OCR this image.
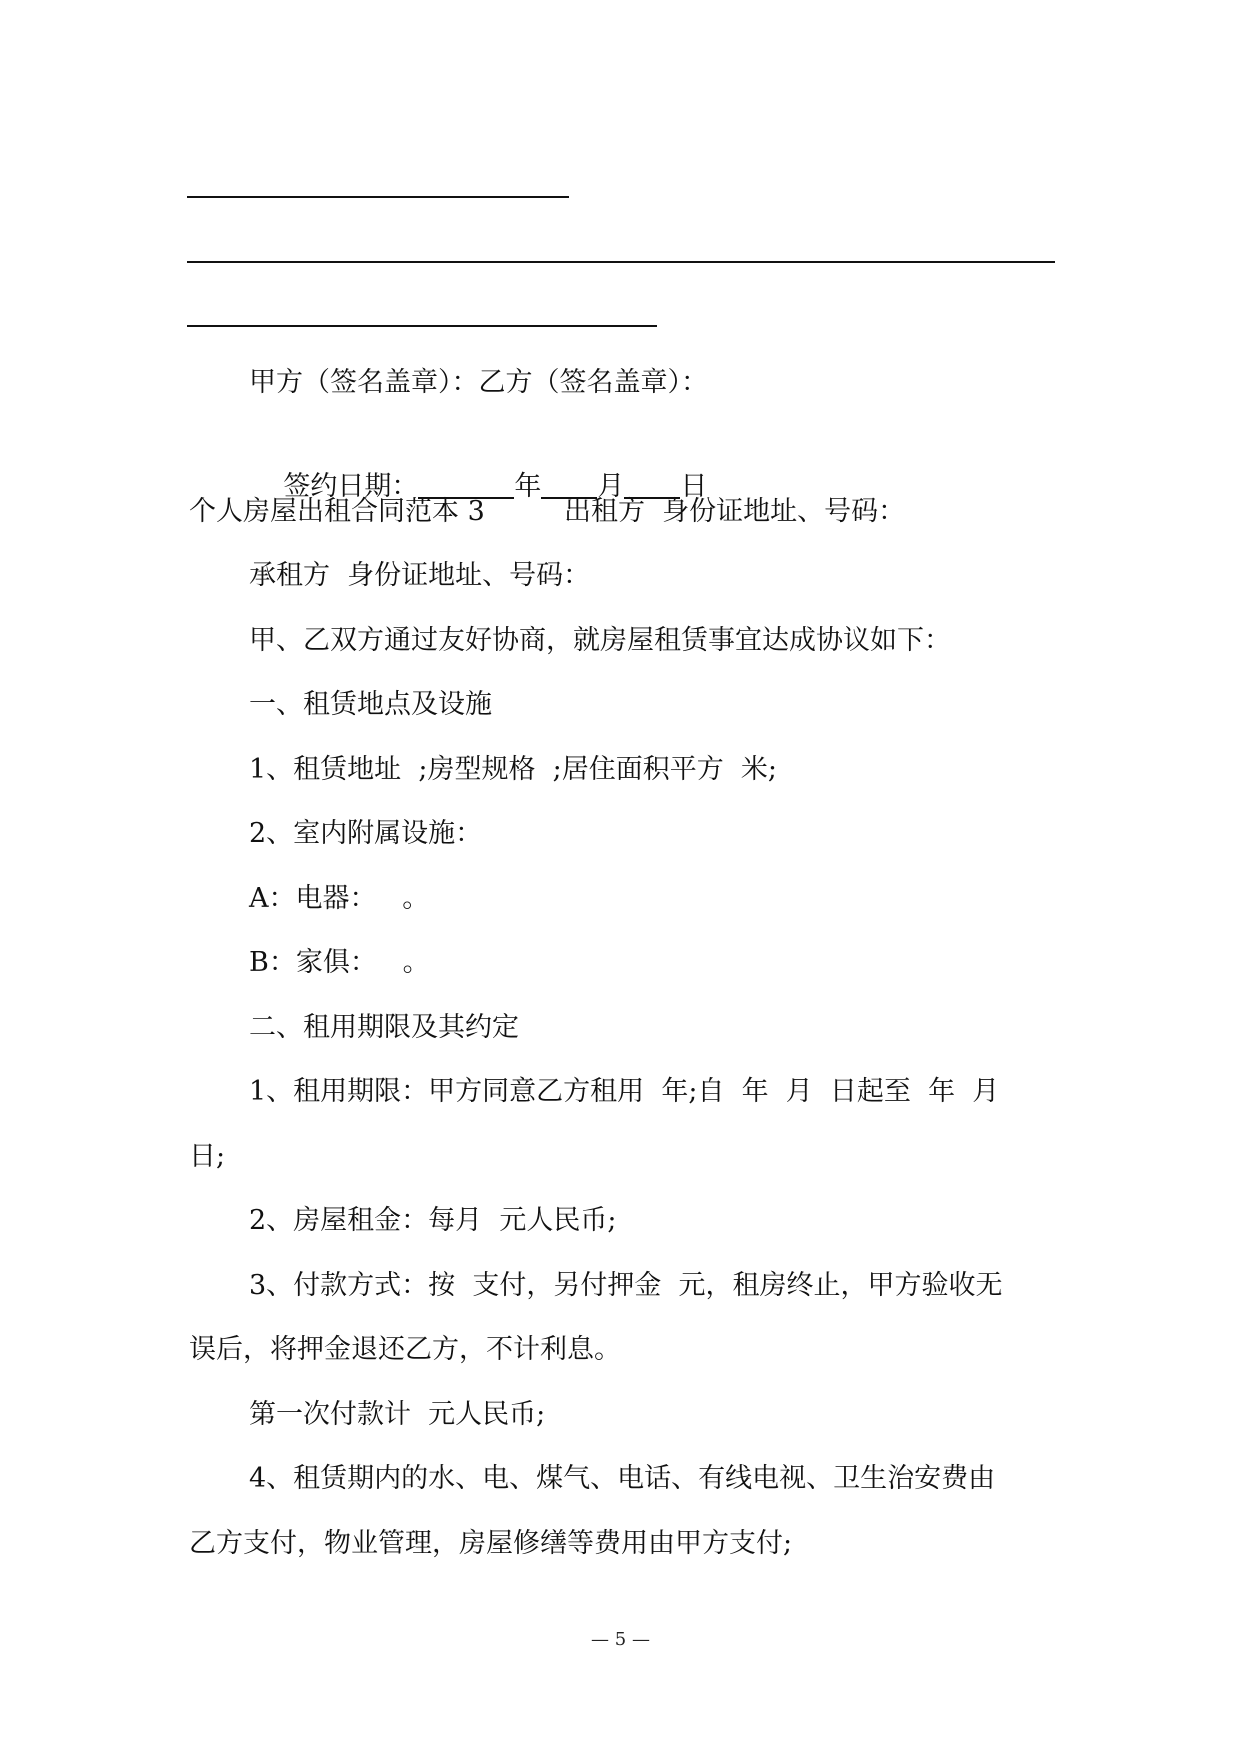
甲方（签名盖章）：乙方（签名盖章）：

签约日期：	年 月 日

个人房屋出租合同范本 3	出租方  身份证地址、号码：
承租方  身份证地址、号码：
甲、乙双方通过友好协商，就房屋租赁事宜达成协议如下：
一、租赁地点及设施
1、租赁地址  ;房型规格  ;居住面积平方  米;
2、室内附属设施：
A：电器：   。
B：家俱：   。
二、租用期限及其约定
1、租用期限：甲方同意乙方租用  年;自  年  月  日起至  年  月
日;
2、房屋租金：每月  元人民币;
3、付款方式：按  支付，另付押金  元，租房终止，甲方验收无
误后，将押金退还乙方，不计利息。
第一次付款计  元人民币;
4、租赁期内的水、电、煤气、电话、有线电视、卫生治安费由
乙方支付，物业管理，房屋修缮等费用由甲方支付;
— 5 —
